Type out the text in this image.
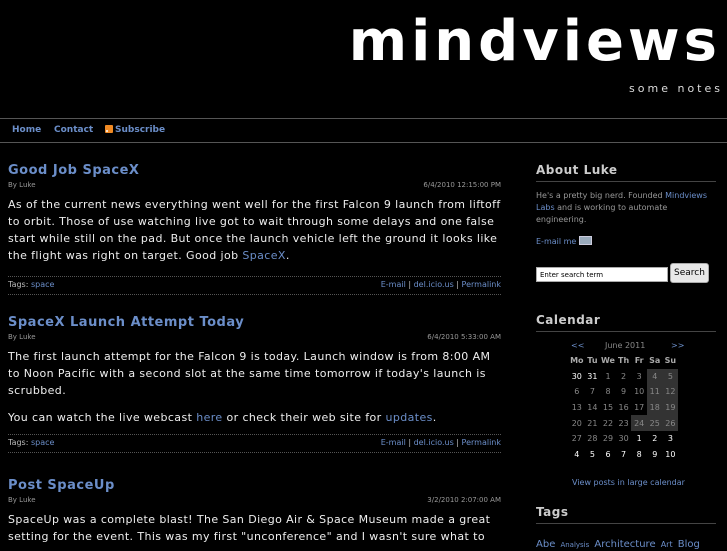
mindviews
some notes
Home Contact	Subscribe
Good Job SpaceX
By Luke	6/4/2010 12:15:00 PM
As of the current news everything went well for the first Falcon 9 launch from liftoff to orbit. Those of use watching live got to wait through some delays and one false start while still on the pad. But once the launch vehicle left the ground it looks like the flight was right on target. Good job SpaceX.
Tags: space	E-mail | del.icio.us | Permalink
SpaceX Launch Attempt Today
By Luke	6/4/2010 5:33:00 AM

The first launch attempt for the Falcon 9 is today. Launch window is from 8:00 AM to Noon Pacific with a second slot at the same time tomorrow if today's launch is scrubbed.

You can watch the live webcast here or check their web site for updates.

Tags: space	E-mail | del.icio.us | Permalink
Post SpaceUp
By Luke	3/2/2010 2:07:00 AM
SpaceUp was a complete blast! The San Diego Air & Space Museum made a great setting for the event. This was my first "unconference" and I wasn't sure what to
About Luke
He's a pretty big nerd. Founded Mindviews Labs and is working to automate engineering.
E-mail me
Enter search term
Search
Calendar
<<	June 2011	>>
Mo	Tu	We	Th	Fr	Sa	Su
30	31	1	2	3	4	5
6	7	8	9	10	11	12
13	14	15	16	17	18	19
20	21	22	23	24	25	26
27	28	29	30	1	2	3
4	5	6	7	8	9	10
View posts in large calendar
Tags
Abe Analysis Architecture Art Blog
